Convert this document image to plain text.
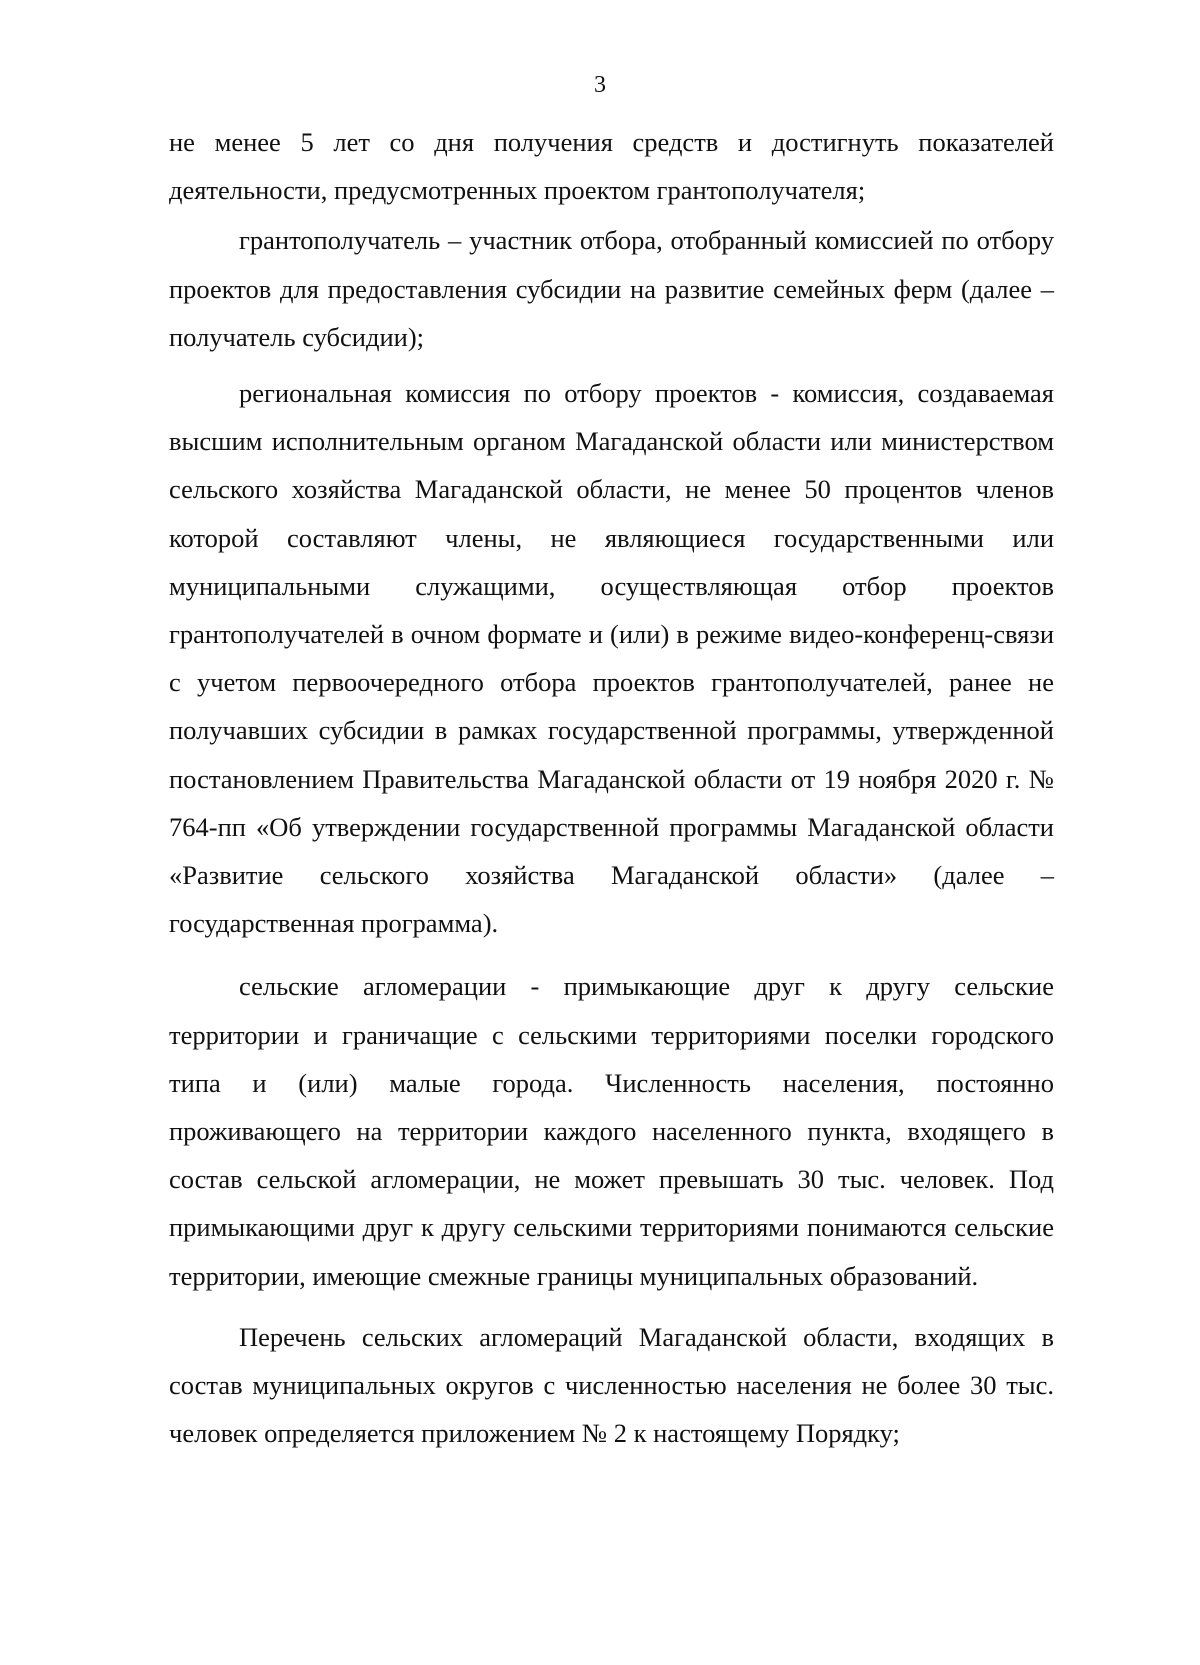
3

не менее 5 лет со дня получения средств и достигнуть показателей деятельности, предусмотренных проектом грантополучателя;

грантополучатель – участник отбора, отобранный комиссией по отбору проектов для предоставления субсидии на развитие семейных ферм (далее – получатель субсидии);

региональная комиссия по отбору проектов - комиссия, создаваемая высшим исполнительным органом Магаданской области или министерством сельского хозяйства Магаданской области, не менее 50 процентов членов которой составляют члены, не являющиеся государственными или муниципальными служащими, осуществляющая отбор проектов грантополучателей в очном формате и (или) в режиме видео-конференц-связи с учетом первоочередного отбора проектов грантополучателей, ранее не получавших субсидии в рамках государственной программы, утвержденной постановлением Правительства Магаданской области от 19 ноября 2020 г. № 764-пп «Об утверждении государственной программы Магаданской области «Развитие сельского хозяйства Магаданской области» (далее – государственная программа).

сельские агломерации - примыкающие друг к другу сельские территории и граничащие с сельскими территориями поселки городского типа и (или) малые города. Численность населения, постоянно проживающего на территории каждого населенного пункта, входящего в состав сельской агломерации, не может превышать 30 тыс. человек. Под примыкающими друг к другу сельскими территориями понимаются сельские территории, имеющие смежные границы муниципальных образований.

Перечень сельских агломераций Магаданской области, входящих в состав муниципальных округов с численностью населения не более 30 тыс. человек определяется приложением № 2 к настоящему Порядку;
